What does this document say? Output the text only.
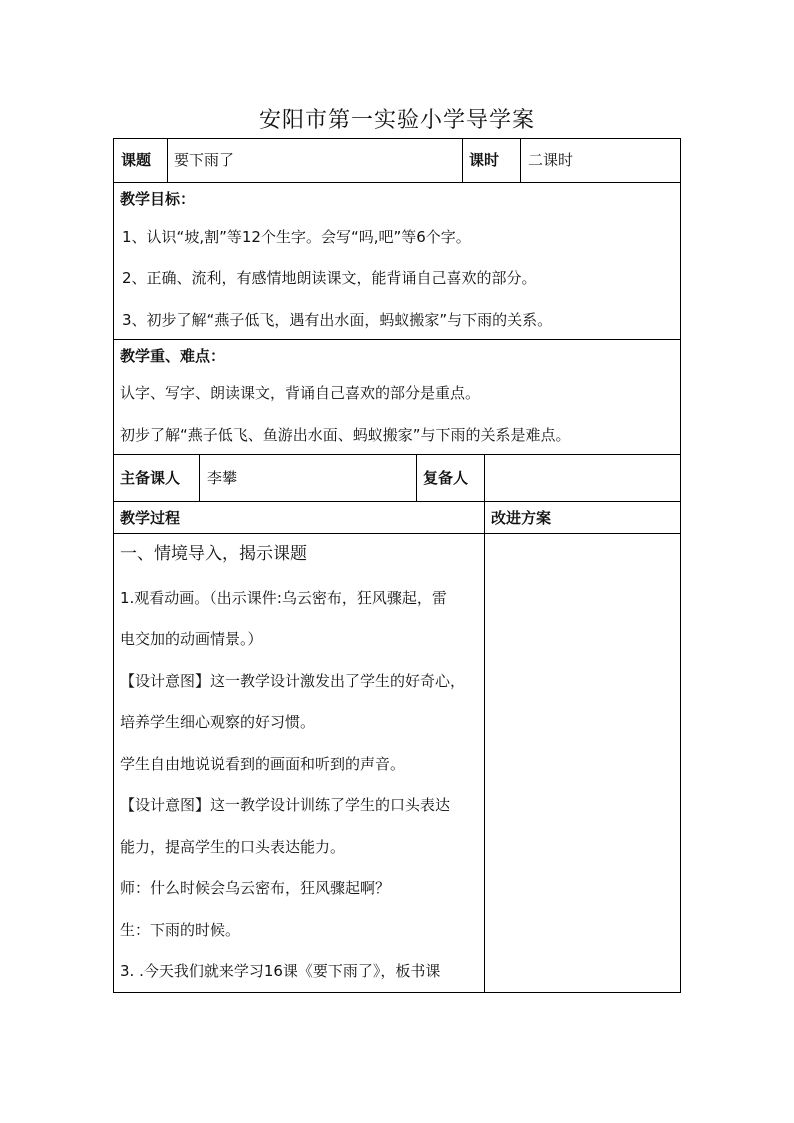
安阳市第一实验小学导学案
课题 要下雨了	课时 二课时
教学目标：
1、认识“坡,割”等12个生字。会写“吗,吧”等6个字。
2、正确、流利，有感情地朗读课文，能背诵自己喜欢的部分。
3、初步了解“燕子低飞，遇有出水面，蚂蚁搬家”与下雨的关系。
教学重、难点：
认字、写字、朗读课文，背诵自己喜欢的部分是重点。
初步了解“燕子低飞、鱼游出水面、蚂蚁搬家”与下雨的关系是难点。
主备课人 李攀	复备人
教学过程	改进方案
一、情境导入，揭示课题
1.观看动画。（出示课件:乌云密布，狂风骤起，雷
电交加的动画情景。）
【设计意图】这一教学设计激发出了学生的好奇心，
培养学生细心观察的好习惯。
学生自由地说说看到的画面和听到的声音。
【设计意图】这一教学设计训练了学生的口头表达
能力，提高学生的口头表达能力。
师：什么时候会乌云密布，狂风骤起啊？
生：下雨的时候。
3. .今天我们就来学习16课《要下雨了》，板书课
